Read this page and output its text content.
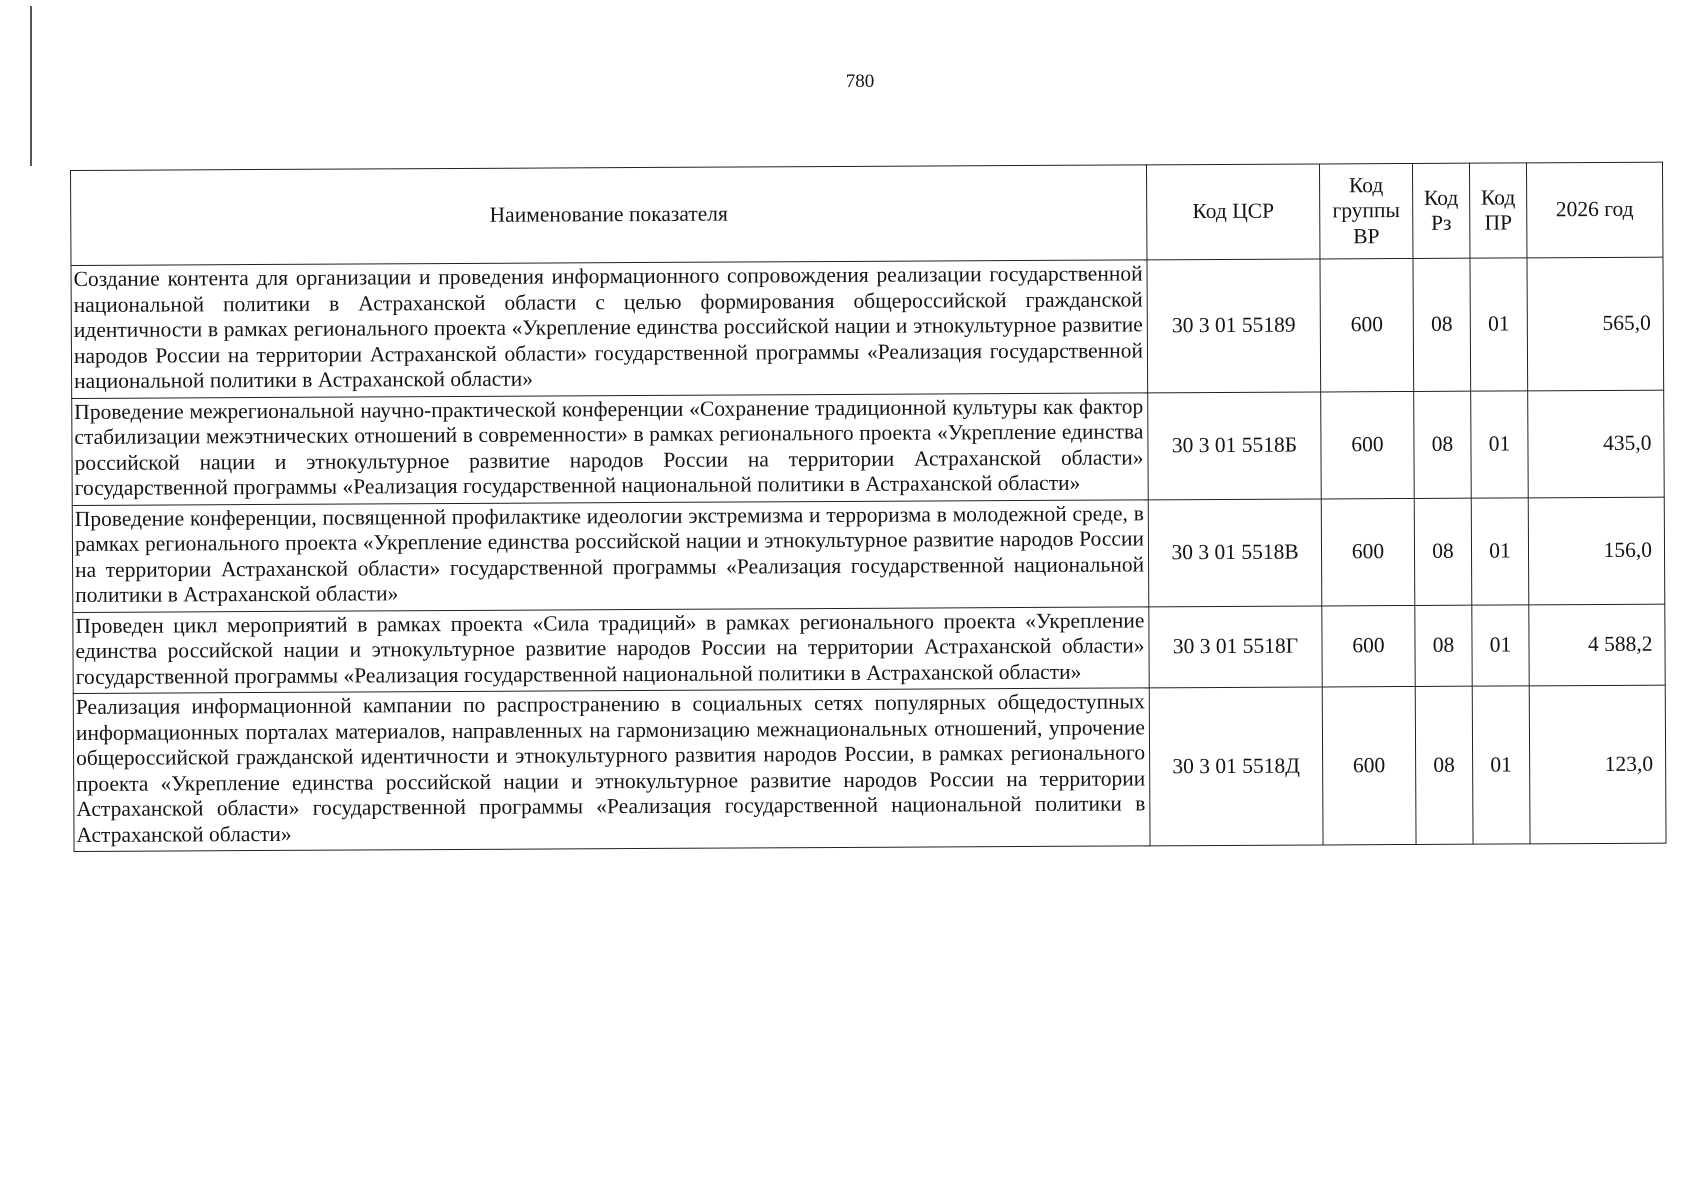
780
Наименование показателя	Код ЦСР	Код группы ВР	Код Рз	Код ПР	2026 год
Создание контента для организации и проведения информационного сопровождения реализации государственной национальной политики в Астраханской области с целью формирования общероссийской гражданской идентичности в рамках регионального проекта «Укрепление единства российской нации и этнокультурное развитие народов России на территории Астраханской области» государственной программы «Реализация государственной национальной политики в Астраханской области»	30 3 01 55189	600	08	01	565,0
Проведение межрегиональной научно-практической конференции «Сохранение традиционной культуры как фактор стабилизации межэтнических отношений в современности» в рамках регионального проекта «Укрепление единства российской нации и этнокультурное развитие народов России на территории Астраханской области» государственной программы «Реализация государственной национальной политики в Астраханской области»	30 3 01 5518Б	600	08	01	435,0
Проведение конференции, посвященной профилактике идеологии экстремизма и терроризма в молодежной среде, в рамках регионального проекта «Укрепление единства российской нации и этнокультурное развитие народов России на территории Астраханской области» государственной программы «Реализация государственной национальной политики в Астраханской области»	30 3 01 5518В	600	08	01	156,0
Проведен цикл мероприятий в рамках проекта «Сила традиций» в рамках регионального проекта «Укрепление единства российской нации и этнокультурное развитие народов России на территории Астраханской области» государственной программы «Реализация государственной национальной политики в Астраханской области»	30 3 01 5518Г	600	08	01	4 588,2
Реализация информационной кампании по распространению в социальных сетях популярных общедоступных информационных порталах материалов, направленных на гармонизацию межнациональных отношений, упрочение общероссийской гражданской идентичности и этнокультурного развития народов России, в рамках регионального проекта «Укрепление единства российской нации и этнокультурное развитие народов России на территории Астраханской области» государственной программы «Реализация государственной национальной политики в Астраханской области»	30 3 01 5518Д	600	08	01	123,0
